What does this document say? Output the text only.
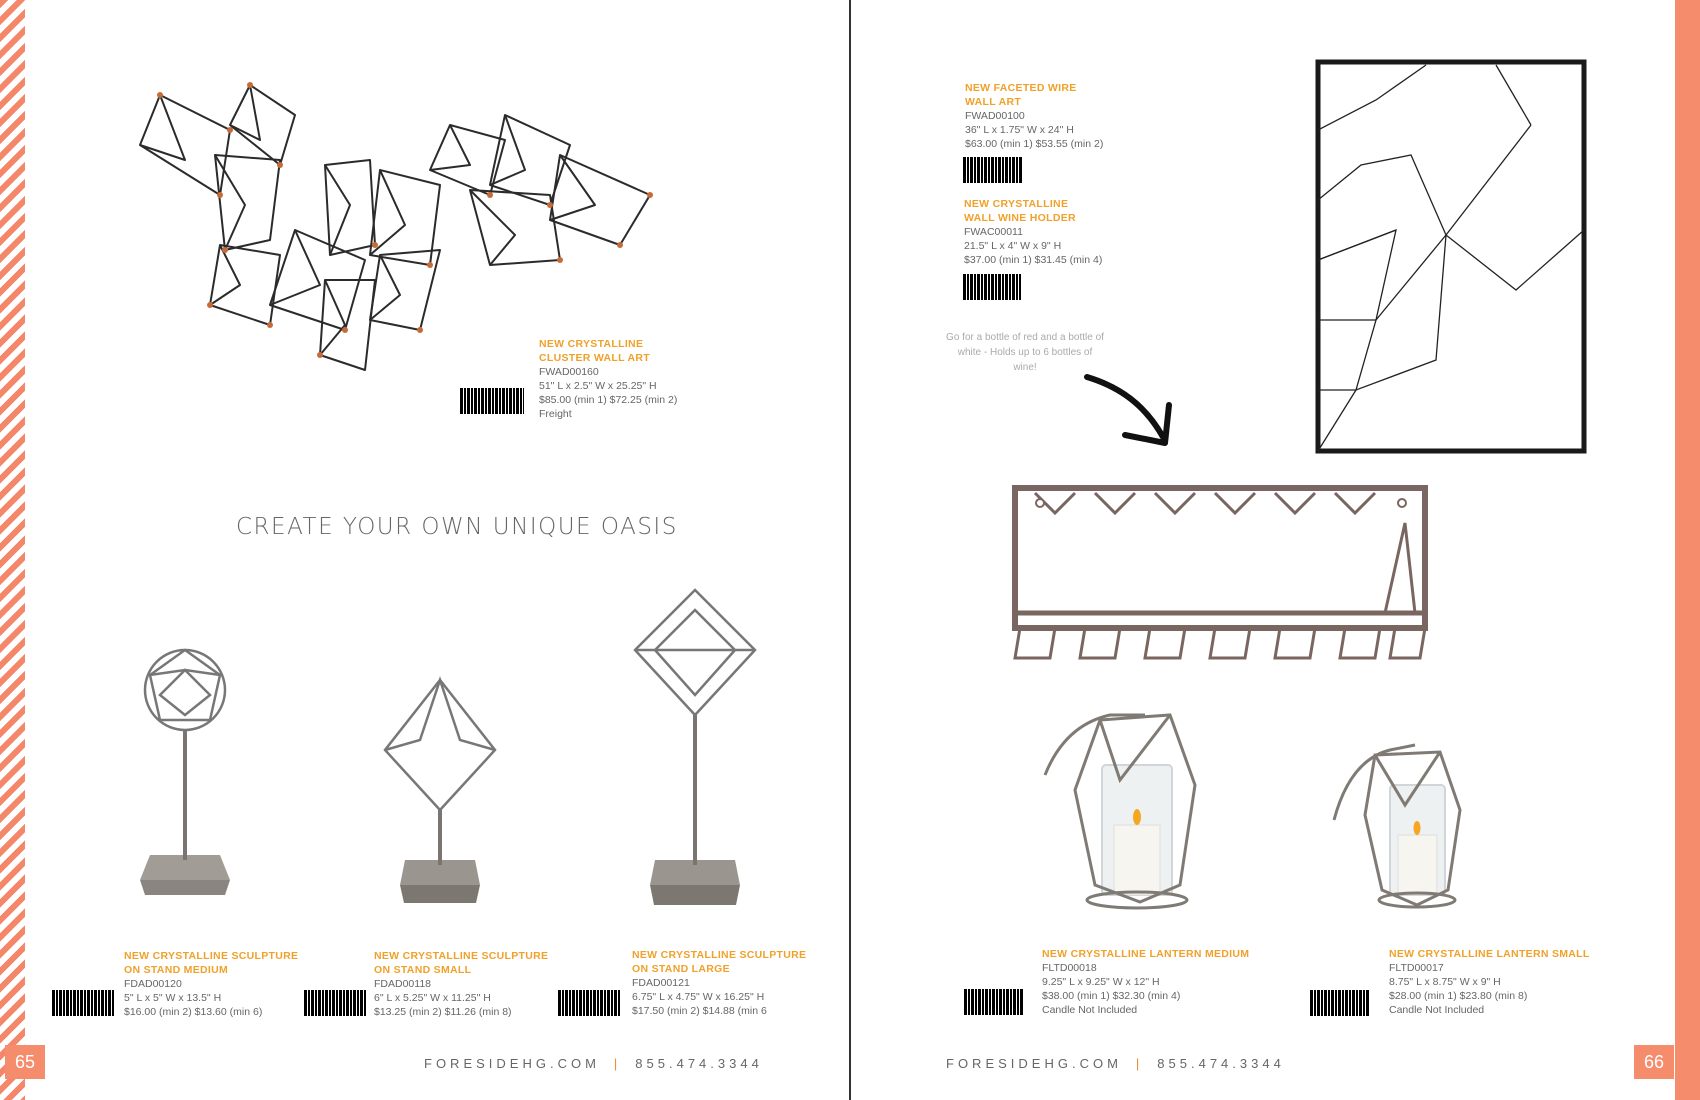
NEW CRYSTALLINE
CLUSTER WALL ART
FWAD00160
51" L x 2.5" W x 25.25" H
$85.00 (min 1) $72.25 (min 2)
Freight
CREATE YOUR OWN UNIQUE OASIS
NEW CRYSTALLINE SCULPTURE
ON STAND MEDIUM
FDAD00120
5" L x 5" W x 13.5" H
$16.00 (min 2) $13.60 (min 6)
NEW CRYSTALLINE SCULPTURE
ON STAND SMALL
FDAD00118
6" L x 5.25" W x 11.25" H
$13.25 (min 2) $11.26 (min 8)
NEW CRYSTALLINE SCULPTURE
ON STAND LARGE
FDAD00121
6.75" L x 4.75" W x 16.25" H
$17.50 (min 2) $14.88 (min 6
65	FORESIDEHG.COM | 855.474.3344
NEW FACETED WIRE
WALL ART
FWAD00100
36" L x 1.75" W x 24" H
$63.00 (min 1) $53.55 (min 2)
NEW CRYSTALLINE
WALL WINE HOLDER
FWAC00011
21.5" L x 4" W x 9" H
$37.00 (min 1) $31.45 (min 4)
Go for a bottle of red and a bottle of white - Holds up to 6 bottles of wine!
NEW CRYSTALLINE LANTERN MEDIUM
FLTD00018
9.25" L x 9.25" W x 12" H
$38.00 (min 1) $32.30 (min 4)
Candle Not Included
NEW CRYSTALLINE LANTERN SMALL
FLTD00017
8.75" L x 8.75" W x 9" H
$28.00 (min 1) $23.80 (min 8)
Candle Not Included
66
FORESIDEHG.COM | 855.474.3344
